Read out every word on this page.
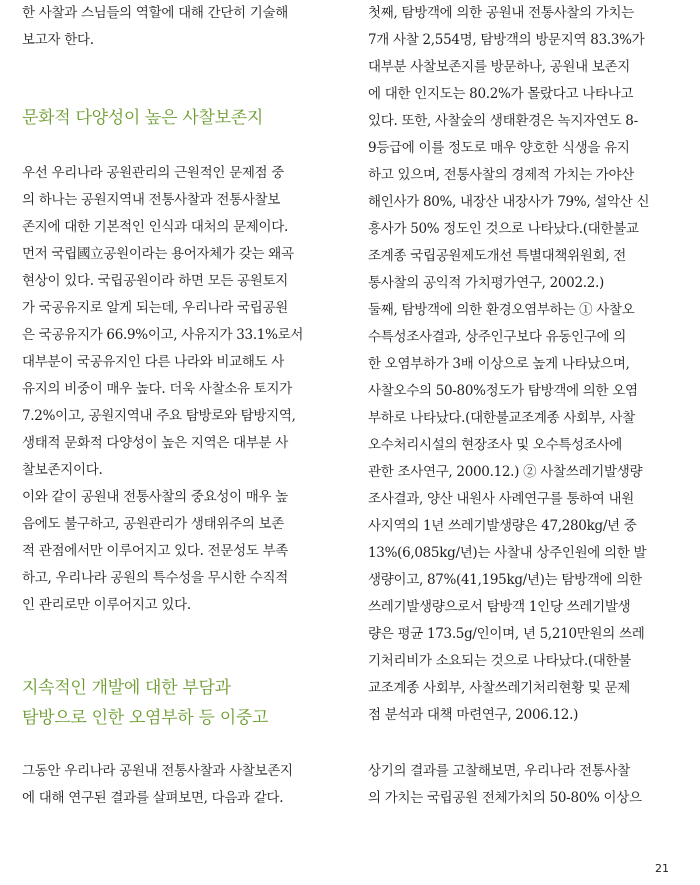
한 사찰과 스님들의 역할에 대해 간단히 기술해
보고자 한다.
문화적 다양성이 높은 사찰보존지
우선 우리나라 공원관리의 근원적인 문제점 중
의 하나는 공원지역내 전통사찰과 전통사찰보
존지에 대한 기본적인 인식과 대처의 문제이다.
먼저 국립國立공원이라는 용어자체가 갖는 왜곡
현상이 있다. 국립공원이라 하면 모든 공원토지
가 국공유지로 알게 되는데, 우리나라 국립공원
은 국공유지가 66.9%이고, 사유지가 33.1%로서
대부분이 국공유지인 다른 나라와 비교해도 사
유지의 비중이 매우 높다. 더욱 사찰소유 토지가
7.2%이고, 공원지역내 주요 탐방로와 탐방지역,
생태적 문화적 다양성이 높은 지역은 대부분 사
찰보존지이다.
이와 같이 공원내 전통사찰의 중요성이 매우 높
음에도 불구하고, 공원관리가 생태위주의 보존
적 관점에서만 이루어지고 있다. 전문성도 부족
하고, 우리나라 공원의 특수성을 무시한 수직적
인 관리로만 이루어지고 있다.
지속적인 개발에 대한 부담과
탐방으로 인한 오염부하 등 이중고
그동안 우리나라 공원내 전통사찰과 사찰보존지
에 대해 연구된 결과를 살펴보면, 다음과 같다.
첫째, 탐방객에 의한 공원내 전통사찰의 가치는
7개 사찰 2,554명, 탐방객의 방문지역 83.3%가
대부분 사찰보존지를 방문하나, 공원내 보존지
에 대한 인지도는 80.2%가 몰랐다고 나타나고
있다. 또한, 사찰숲의 생태환경은 녹지자연도 8-
9등급에 이를 정도로 매우 양호한 식생을 유지
하고 있으며, 전통사찰의 경제적 가치는 가야산
해인사가 80%, 내장산 내장사가 79%, 설악산 신
흥사가 50% 정도인 것으로 나타났다.(대한불교
조계종 국립공원제도개선 특별대책위원회, 전
통사찰의 공익적 가치평가연구, 2002.2.)
둘째, 탐방객에 의한 환경오염부하는 ① 사찰오
수특성조사결과, 상주인구보다 유동인구에 의
한 오염부하가 3배 이상으로 높게 나타났으며,
사찰오수의 50-80%정도가 탐방객에 의한 오염
부하로 나타났다.(대한불교조계종 사회부, 사찰
오수처리시설의 현장조사 및 오수특성조사에
관한 조사연구, 2000.12.) ② 사찰쓰레기발생량
조사결과, 양산 내원사 사례연구를 통하여 내원
사지역의 1년 쓰레기발생량은 47,280kg/년 중
13%(6,085kg/년)는 사찰내 상주인원에 의한 발
생량이고, 87%(41,195kg/년)는 탐방객에 의한
쓰레기발생량으로서 탐방객 1인당 쓰레기발생
량은 평균 173.5g/인이며, 년 5,210만원의 쓰레
기처리비가 소요되는 것으로 나타났다.(대한불
교조계종 사회부, 사찰쓰레기처리현황 및 문제
점 분석과 대책 마련연구, 2006.12.)
상기의 결과를 고찰해보면, 우리나라 전통사찰
의 가치는 국립공원 전체가치의 50-80% 이상으
21
